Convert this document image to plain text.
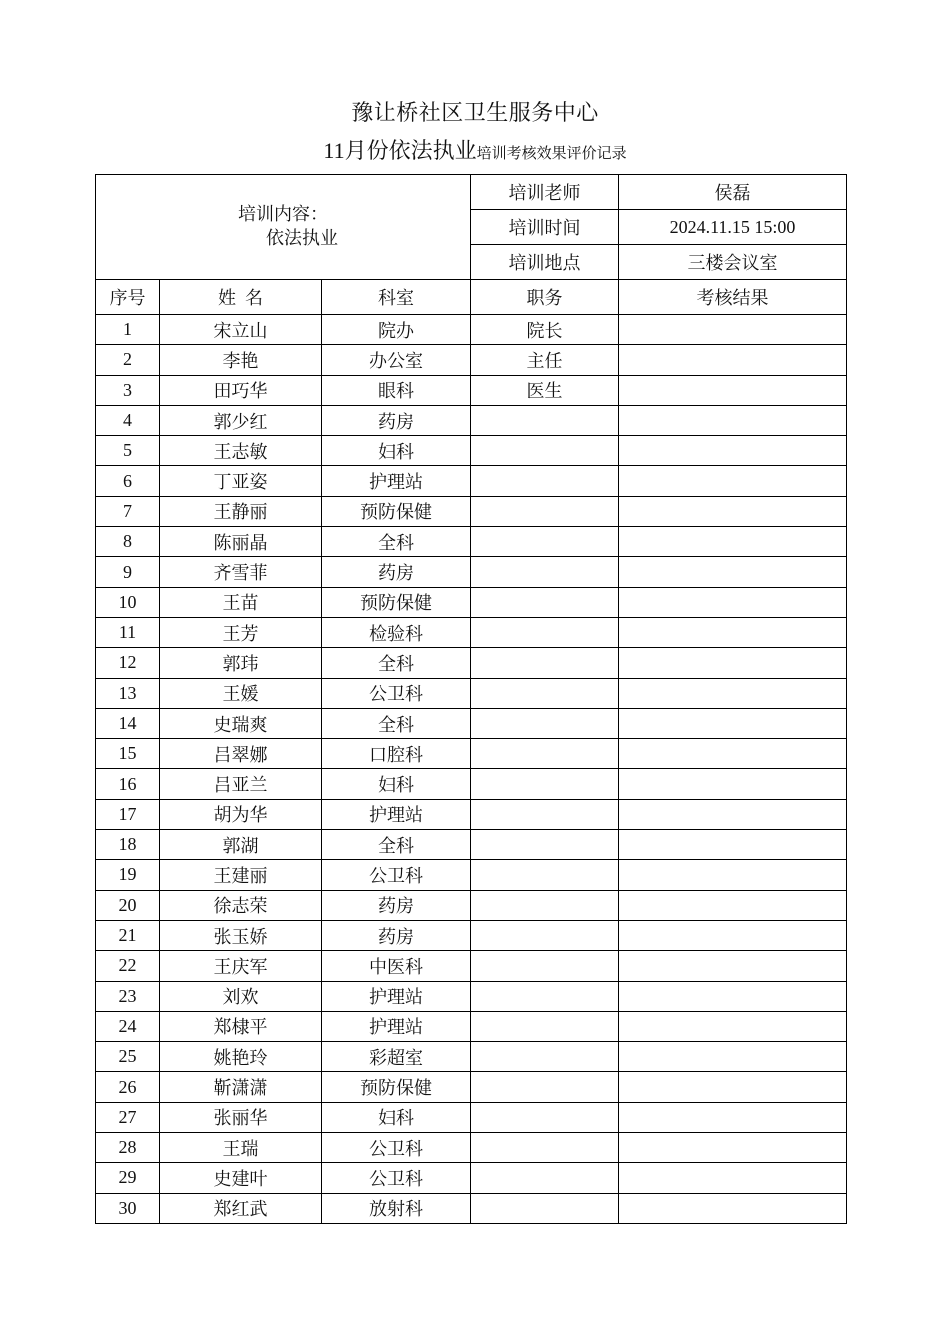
豫让桥社区卫生服务中心
11月份依法执业培训考核效果评价记录
培训内容：
依法执业			培训老师	侯磊
			培训时间	2024.11.15 15:00
			培训地点	三楼会议室
序号	姓  名	科室	职务	考核结果
1	宋立山	院办	院长	
2	李艳	办公室	主任	
3	田巧华	眼科	医生	
4	郭少红	药房		
5	王志敏	妇科		
6	丁亚姿	护理站		
7	王静丽	预防保健		
8	陈丽晶	全科		
9	齐雪菲	药房		
10	王苗	预防保健		
11	王芳	检验科		
12	郭玮	全科		
13	王媛	公卫科		
14	史瑞爽	全科		
15	吕翠娜	口腔科		
16	吕亚兰	妇科		
17	胡为华	护理站		
18	郭湖	全科		
19	王建丽	公卫科		
20	徐志荣	药房		
21	张玉娇	药房		
22	王庆军	中医科		
23	刘欢	护理站		
24	郑棣平	护理站		
25	姚艳玲	彩超室		
26	靳潇潇	预防保健		
27	张丽华	妇科		
28	王瑞	公卫科		
29	史建叶	公卫科		
30	郑红武	放射科		
